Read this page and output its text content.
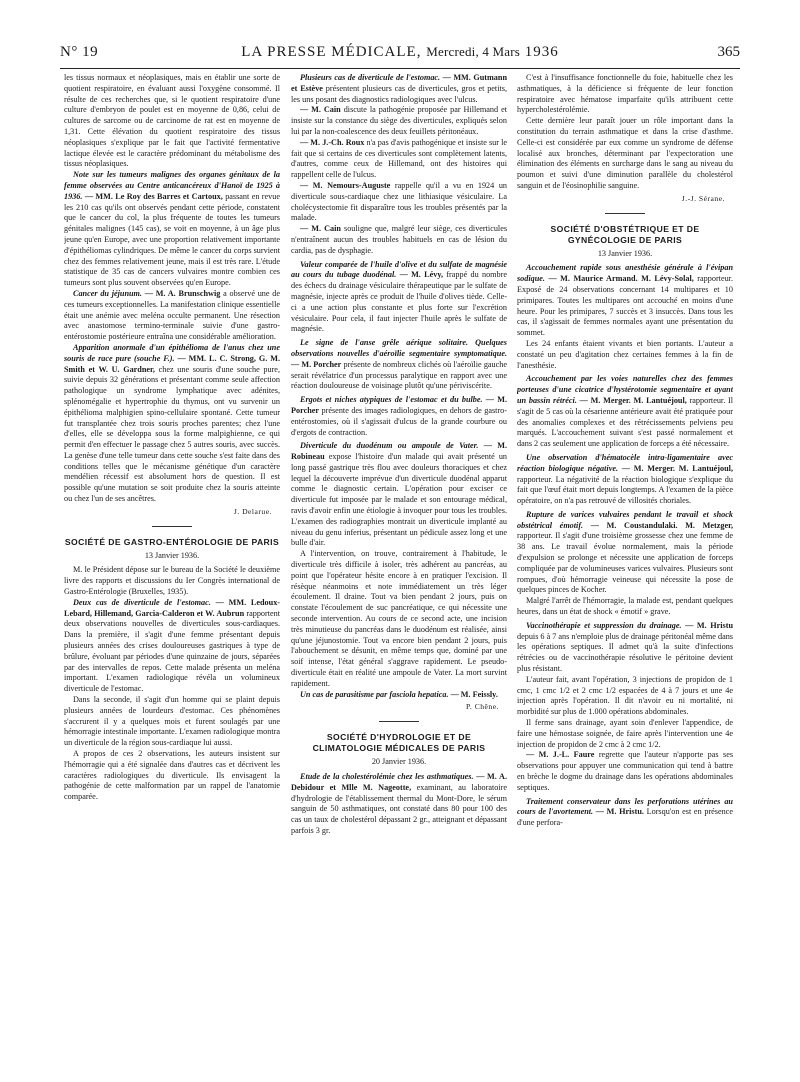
N° 19	LA PRESSE MÉDICALE, Mercredi, 4 Mars 1936	365

les tissus normaux et néoplasiques, mais en établir une sorte de quotient respiratoire, en évaluant aussi l'oxygène consommé. Il résulte de ces recherches que, si le quotient respiratoire d'une culture d'embryon de poulet est en moyenne de 0,86, celui de cultures de sarcome ou de carcinome de rat est en moyenne de 1,31. Cette élévation du quotient respiratoire des tissus néoplasiques s'explique par le fait que l'activité fermentative lactique élevée est le caractère prédominant du métabolisme des tissus néoplasiques.

Note sur les tumeurs malignes des organes génitaux de la femme observées au Centre anticancéreux d'Hanoï de 1925 à 1936. — MM. Le Roy des Barres et Cartoux, passant en revue les 210 cas qu'ils ont observés pendant cette période, constatent que le cancer du col, la plus fréquente de toutes les tumeurs génitales malignes (145 cas), se voit en moyenne, à un âge plus jeune qu'en Europe, avec une proportion relativement importante d'épithéliomas cylindriques. De même le cancer du corps survient chez des femmes relativement jeune, mais il est très rare. L'étude statistique de 35 cas de cancers vulvaires montre combien ces tumeurs sont plus souvent observées qu'en Europe.

Cancer du jéjunum. — M. A. Brunschwig a observé une de ces tumeurs exceptionnelles. La manifestation clinique essentielle était une anémie avec meléna occulte permanent. Une résection avec anastomose termino-terminale suivie d'une gastro-entérostomie postérieure entraîna une considérable amélioration.

Apparition anormale d'un épithélioma de l'anus chez une souris de race pure (souche F.). — MM. L. C. Strong, G. M. Smith et W. U. Gardner, chez une souris d'une souche pure, suivie depuis 32 générations et présentant comme seule affection pathologique un syndrome lymphatique avec adénites, splénomégalie et hypertrophie du thymus, ont vu survenir un épithélioma malphigien spino-cellulaire spontané. Cette tumeur fut transplantée chez trois souris proches parentes; chez l'une d'elles, elle se développa sous la forme malpighienne, ce qui permit d'en effectuer le passage chez 5 autres souris, avec succès. La genèse d'une telle tumeur dans cette souche s'est faite dans des conditions telles que le mécanisme génétique d'un caractère mendélien récessif est absolument hors de question. Il est possible qu'une mutation se soit produite chez la souris atteinte ou chez l'un de ses ancêtres.

J. Delarue.
SOCIÉTÉ DE GASTRO-ENTÉROLOGIE DE PARIS
13 Janvier 1936.

M. le Président dépose sur le bureau de la Société le deuxième livre des rapports et discussions du Ier Congrès international de Gastro-Entérologie (Bruxelles, 1935).

Deux cas de diverticule de l'estomac. — MM. Ledoux-Lebard, Hillemand, Garcia-Calderon et W. Aubrun rapportent deux observations nouvelles de diverticules sous-cardiaques. Dans la première, il s'agit d'une femme présentant depuis plusieurs années des crises douloureuses gastriques à type de brûlure, évoluant par périodes d'une quinzaine de jours, séparées par des intervalles de repos. Cette malade présenta un meléna important. L'examen radiologique révéla un volumineux diverticule de l'estomac.

Dans la seconde, il s'agit d'un homme qui se plaint depuis plusieurs années de lourdeurs d'estomac. Ces phénomènes s'accrurent il y a quelques mois et furent soulagés par une hémorragie intestinale importante. L'examen radiologique montra un diverticule de la région sous-cardiaque lui aussi.

A propos de ces 2 observations, les auteurs insistent sur l'hémorragie qui a été signalée dans d'autres cas et décrivent les caractères radiologiques du diverticule. Ils envisagent la pathogénie de cette malformation par un rappel de l'anatomie comparée.

Plusieurs cas de diverticule de l'estomac. — MM. Gutmann et Estève présentent plusieurs cas de diverticules, gros et petits, les uns posant des diagnostics radiologiques avec l'ulcus.

— M. Cain discute la pathogénie proposée par Hillemand et insiste sur la constance du siège des diverticules, expliqués selon lui par la non-coalescence des deux feuillets péritonéaux.

— M. J.-Ch. Roux n'a pas d'avis pathogénique et insiste sur le fait que si certains de ces diverticules sont complètement latents, d'autres, comme ceux de Hillemand, ont des histoires qui rappellent celle de l'ulcus.

— M. Nemours-Auguste rappelle qu'il a vu en 1924 un diverticule sous-cardiaque chez une lithiasique vésiculaire. La cholécystectomie fit disparaître tous les troubles présentés par la malade.

— M. Cain souligne que, malgré leur siège, ces diverticules n'entraînent aucun des troubles habituels en cas de lésion du cardia, pas de dysphagie.

Valeur comparée de l'huile d'olive et du sulfate de magnésie au cours du tubage duodénal. — M. Lévy, frappé du nombre des échecs du drainage vésiculaire thérapeutique par le sulfate de magnésie, injecte après ce produit de l'huile d'olives tiède. Celle-ci a une action plus constante et plus forte sur l'excrétion vésiculaire. Pour cela, il faut injecter l'huile après le sulfate de magnésie.

Le signe de l'anse grêle aérique solitaire. Quelques observations nouvelles d'aéroïlie segmentaire symptomatique. — M. Porcher présente de nombreux clichés où l'aéroïlie gauche serait révélatrice d'un processus paralytique en rapport avec une réaction douloureuse de voisinage plutôt qu'une périviscérite.

Ergots et niches atypiques de l'estomac et du bulbe. — M. Porcher présente des images radiologiques, en dehors de gastro-entérostomies, où il s'agissait d'ulcus de la grande courbure ou d'ergots de contraction.

Diverticule du duodénum ou ampoule de Vater. — M. Robineau expose l'histoire d'un malade qui avait présenté un long passé gastrique très flou avec douleurs thoraciques et chez lequel la découverte imprévue d'un diverticule duodénal apparut comme le diagnostic certain. L'opération pour exciser ce diverticule fut imposée par le malade et son entourage médical, ravis d'avoir enfin une étiologie à invoquer pour tous les troubles. L'examen des radiographies montrait un diverticule implanté au niveau du genu inferius, présentant un pédicule assez long et une bulle d'air.

A l'intervention, on trouve, contrairement à l'habitude, le diverticule très difficile à isoler, très adhérent au pancréas, au point que l'opérateur hésite encore à en pratiquer l'excision. Il résèque néanmoins et note immédiatement un très léger écoulement. Il draine. Tout va bien pendant 2 jours, puis on constate l'écoulement de suc pancréatique, ce qui nécessite une seconde intervention. Au cours de ce second acte, une incision très minutieuse du pancréas dans le duodénum est réalisée, ainsi qu'une jéjunostomie. Tout va encore bien pendant 2 jours, puis l'abouchement se désunit, en même temps que, dominé par une soif intense, l'état général s'aggrave rapidement. Le pseudo-diverticule était en réalité une ampoule de Vater. La mort survint rapidement.

Un cas de parasitisme par fasciola hepatica. — M. Feissly.

P. Chêne.
SOCIÉTÉ D'HYDROLOGIE ET DE CLIMATOLOGIE MÉDICALES DE PARIS
20 Janvier 1936.

Etude de la cholestérolémie chez les asthmatiques. — M. A. Debidour et Mlle M. Nageotte, examinant, au laboratoire d'hydrologie de l'établissement thermal du Mont-Dore, le sérum sanguin de 50 asthmatiques, ont constaté dans 80 pour 100 des cas un taux de cholestérol dépassant 2 gr., atteignant et dépassant parfois 3 gr.

C'est à l'insuffisance fonctionnelle du foie, habituelle chez les asthmatiques, à la déficience si fréquente de leur fonction respiratoire avec hématose imparfaite qu'ils attribuent cette hypercholestérolémie.

Cette dernière leur paraît jouer un rôle important dans la constitution du terrain asthmatique et dans la crise d'asthme. Celle-ci est considérée par eux comme un syndrome de défense localisé aux bronches, déterminant par l'expectoration une élimination des éléments en surcharge dans le sang au niveau du poumon et suivi d'une diminution parallèle du cholestérol sanguin et de l'éosinophilie sanguine.

J.-J. Sérane.
SOCIÉTÉ D'OBSTÉTRIQUE ET DE GYNÉCOLOGIE DE PARIS
13 Janvier 1936.

Accouchement rapide sous anesthésie générale à l'évipan sodique. — M. Maurice Armand. M. Lévy-Solal, rapporteur. Exposé de 24 observations concernant 14 multipares et 10 primipares. Toutes les multipares ont accouché en moins d'une heure. Pour les primipares, 7 succès et 3 insuccès. Dans tous les cas, il s'agissait de femmes normales ayant une présentation du sommet.

Les 24 enfants étaient vivants et bien portants. L'auteur a constaté un peu d'agitation chez certaines femmes à la fin de l'anesthésie.

Accouchement par les voies naturelles chez des femmes porteuses d'une cicatrice d'hystérotomie segmentaire et ayant un bassin rétréci. — M. Merger. M. Lantuéjoul, rapporteur. Il s'agit de 5 cas où la césarienne antérieure avait été pratiquée pour des anomalies complexes et des rétrécissements pelviens peu marqués. L'accouchement suivant s'est passé normalement et dans 2 cas seulement une application de forceps a été nécessaire.

Une observation d'hématocèle intra-ligamentaire avec réaction biologique négative. — M. Merger. M. Lantuéjoul, rapporteur. La négativité de la réaction biologique s'explique du fait que l'œuf était mort depuis longtemps. A l'examen de la pièce opératoire, on n'a pas retrouvé de villosités choriales.

Rupture de varices vulvaires pendant le travail et shock obstétrical émotif. — M. Coustandulaki. M. Metzger, rapporteur. Il s'agit d'une troisième grossesse chez une femme de 38 ans. Le travail évolue normalement, mais la période d'expulsion se prolonge et nécessite une application de forceps compliquée par de volumineuses varices vulvaires. Plusieurs sont rompues, d'où hémorragie veineuse qui nécessite la pose de quelques pinces de Kocher.

Malgré l'arrêt de l'hémorragie, la malade est, pendant quelques heures, dans un état de shock « émotif » grave.

Vaccinothérapie et suppression du drainage. — M. Hristu depuis 6 à 7 ans n'emploie plus de drainage péritonéal même dans les opérations septiques. Il admet qu'à la suite d'infections rétrécies ou de vaccinothérapie résolutive le péritoine devient plus résistant.

L'auteur fait, avant l'opération, 3 injections de propidon de 1 cmc, 1 cmc 1/2 et 2 cmc 1/2 espacées de 4 à 7 jours et une 4e injection après l'opération. Il dit n'avoir eu ni mortalité, ni morbidité sur plus de 1.000 opérations abdominales.

Il ferme sans drainage, ayant soin d'enlever l'appendice, de faire une hémostase soignée, de faire après l'intervention une 4e injection de propidon de 2 cmc à 2 cmc 1/2.

— M. J.-L. Faure regrette que l'auteur n'apporte pas ses observations pour appuyer une communication qui tend à battre en brèche le dogme du drainage dans les opérations abdominales septiques.

Traitement conservateur dans les perforations utérines au cours de l'avortement. — M. Hristu. Lorsqu'on est en présence d'une perfora-
